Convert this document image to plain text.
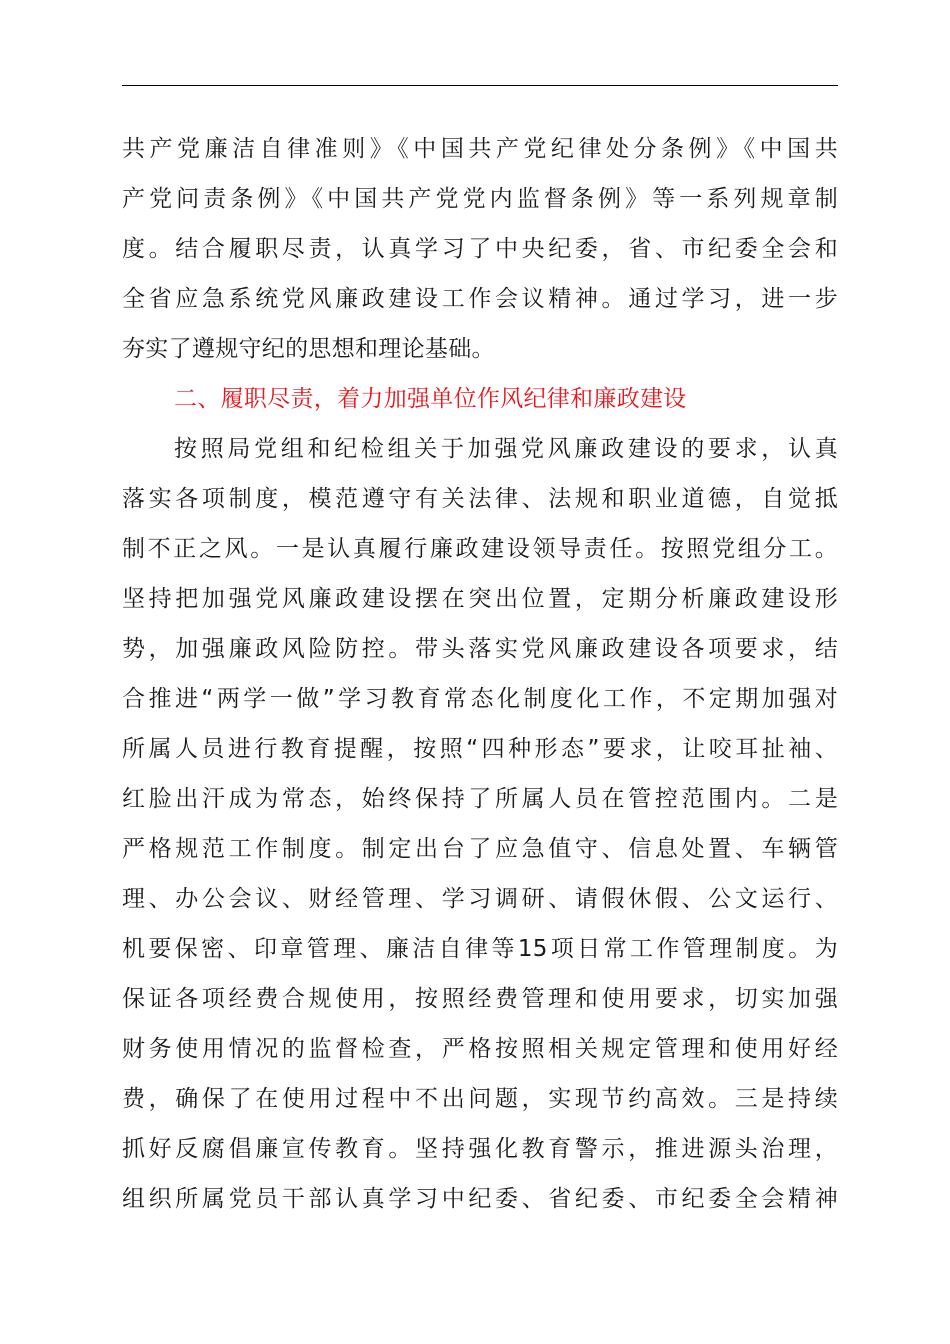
共产党廉洁自律准则》《中国共产党纪律处分条例》《中国共
产党问责条例》《中国共产党党内监督条例》等一系列规章制
度。结合履职尽责，认真学习了中央纪委，省、市纪委全会和
全省应急系统党风廉政建设工作会议精神。通过学习，进一步
夯实了遵规守纪的思想和理论基础。
二、履职尽责，着力加强单位作风纪律和廉政建设
按照局党组和纪检组关于加强党风廉政建设的要求，认真
落实各项制度，模范遵守有关法律、法规和职业道德，自觉抵
制不正之风。一是认真履行廉政建设领导责任。按照党组分工。
坚持把加强党风廉政建设摆在突出位置，定期分析廉政建设形
势，加强廉政风险防控。带头落实党风廉政建设各项要求，结
合推进“两学一做”学习教育常态化制度化工作，不定期加强对
所属人员进行教育提醒，按照“四种形态”要求，让咬耳扯袖、
红脸出汗成为常态，始终保持了所属人员在管控范围内。二是
严格规范工作制度。制定出台了应急值守、信息处置、车辆管
理、办公会议、财经管理、学习调研、请假休假、公文运行、
机要保密、印章管理、廉洁自律等15项日常工作管理制度。为
保证各项经费合规使用，按照经费管理和使用要求，切实加强
财务使用情况的监督检查，严格按照相关规定管理和使用好经
费，确保了在使用过程中不出问题，实现节约高效。三是持续
抓好反腐倡廉宣传教育。坚持强化教育警示，推进源头治理，
组织所属党员干部认真学习中纪委、省纪委、市纪委全会精神
